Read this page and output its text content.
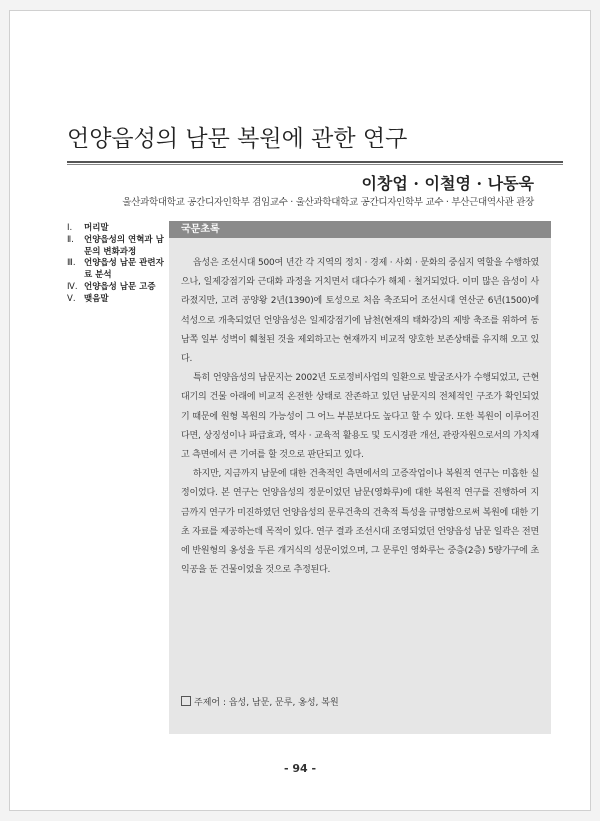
언양읍성의 남문 복원에 관한 연구

이창업 · 이철영 · 나동욱

울산과학대학교 공간디자인학부 겸임교수 · 울산과학대학교 공간디자인학부 교수 · 부산근대역사관 관장

Ⅰ.	머리말
Ⅱ.	언양읍성의 연혁과 남문의 변화과정
Ⅲ. 언양읍성 남문 관련자료 분석
Ⅳ. 언양읍성 남문 고증
Ⅴ. 맺음말
국문초록

읍성은 조선시대 500여 년간 각 지역의 정치 · 경제 · 사회 · 문화의 중심지 역할을 수행하였으나, 일제강점기와 근대화 과정을 거치면서 대다수가 해체 · 철거되었다. 이미 많은 읍성이 사라졌지만, 고려 공양왕 2년(1390)에 토성으로 처음 축조되어 조선시대 연산군 6년(1500)에 석성으로 개축되었던 언양읍성은 일제강점기에 남천(현재의 태화강)의 제방 축조를 위하여 동남쪽 일부 성벽이 훼철된 것을 제외하고는 현재까지 비교적 양호한 보존상태를 유지해 오고 있다.

특히 언양읍성의 남문지는 2002년 도로정비사업의 일환으로 발굴조사가 수행되었고, 근현대기의 건물 아래에 비교적 온전한 상태로 잔존하고 있던 남문지의 전체적인 구조가 확인되었기 때문에 원형 복원의 가능성이 그 어느 부분보다도 높다고 할 수 있다. 또한 복원이 이루어진다면, 상징성이나 파급효과, 역사 · 교육적 활용도 및 도시경관 개선, 관광자원으로서의 가치재고 측면에서 큰 기여를 할 것으로 판단되고 있다.

하지만, 지금까지 남문에 대한 건축적인 측면에서의 고증작업이나 복원적 연구는 미흡한 실정이었다. 본 연구는 언양읍성의 정문이었던 남문(영화루)에 대한 복원적 연구를 진행하여 지금까지 연구가 미진하였던 언양읍성의 문루건축의 건축적 특성을 규명함으로써 복원에 대한 기초 자료를 제공하는데 목적이 있다. 연구 결과 조선시대 조영되었던 언양읍성 남문 일곽은 전면에 반원형의 옹성을 두른 개거식의 성문이었으며, 그 문루인 영화루는 중층(2층) 5량가구에 초익공을 둔 건물이었을 것으로 추정된다.

주제어 : 읍성, 남문, 문루, 옹성, 복원

- 94 -
